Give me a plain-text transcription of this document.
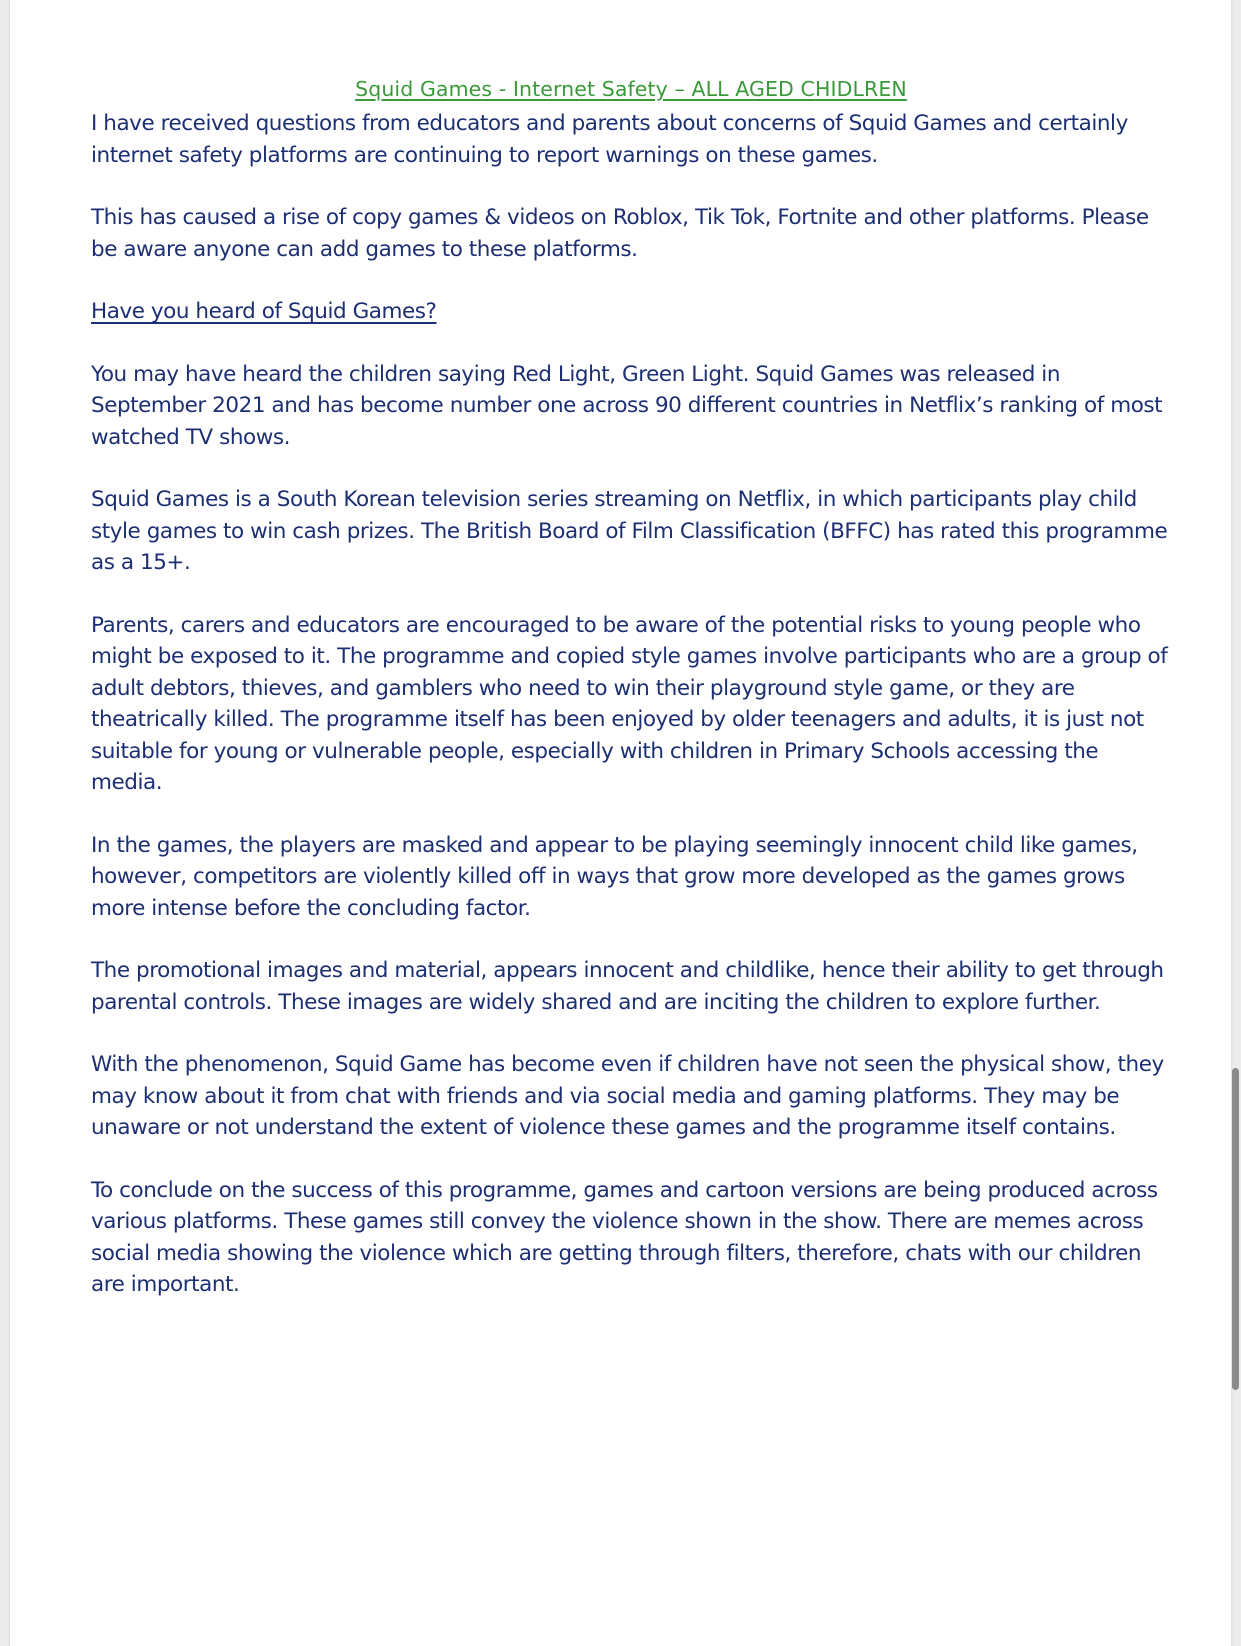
Squid Games - Internet Safety – ALL AGED CHIDLREN

I have received questions from educators and parents about concerns of Squid Games and certainly internet safety platforms are continuing to report warnings on these games.

This has caused a rise of copy games & videos on Roblox, Tik Tok, Fortnite and other platforms. Please be aware anyone can add games to these platforms.

Have you heard of Squid Games?

You may have heard the children saying Red Light, Green Light. Squid Games was released in September 2021 and has become number one across 90 different countries in Netflix’s ranking of most watched TV shows.

Squid Games is a South Korean television series streaming on Netflix, in which participants play child style games to win cash prizes. The British Board of Film Classification (BFFC) has rated this programme as a 15+.

Parents, carers and educators are encouraged to be aware of the potential risks to young people who might be exposed to it. The programme and copied style games involve participants who are a group of adult debtors, thieves, and gamblers who need to win their playground style game, or they are theatrically killed. The programme itself has been enjoyed by older teenagers and adults, it is just not suitable for young or vulnerable people, especially with children in Primary Schools accessing the media.

In the games, the players are masked and appear to be playing seemingly innocent child like games, however, competitors are violently killed off in ways that grow more developed as the games grows more intense before the concluding factor.

The promotional images and material, appears innocent and childlike, hence their ability to get through parental controls. These images are widely shared and are inciting the children to explore further.

With the phenomenon, Squid Game has become even if children have not seen the physical show, they may know about it from chat with friends and via social media and gaming platforms. They may be unaware or not understand the extent of violence these games and the programme itself contains.

To conclude on the success of this programme, games and cartoon versions are being produced across various platforms. These games still convey the violence shown in the show. There are memes across social media showing the violence which are getting through filters, therefore, chats with our children are important.
